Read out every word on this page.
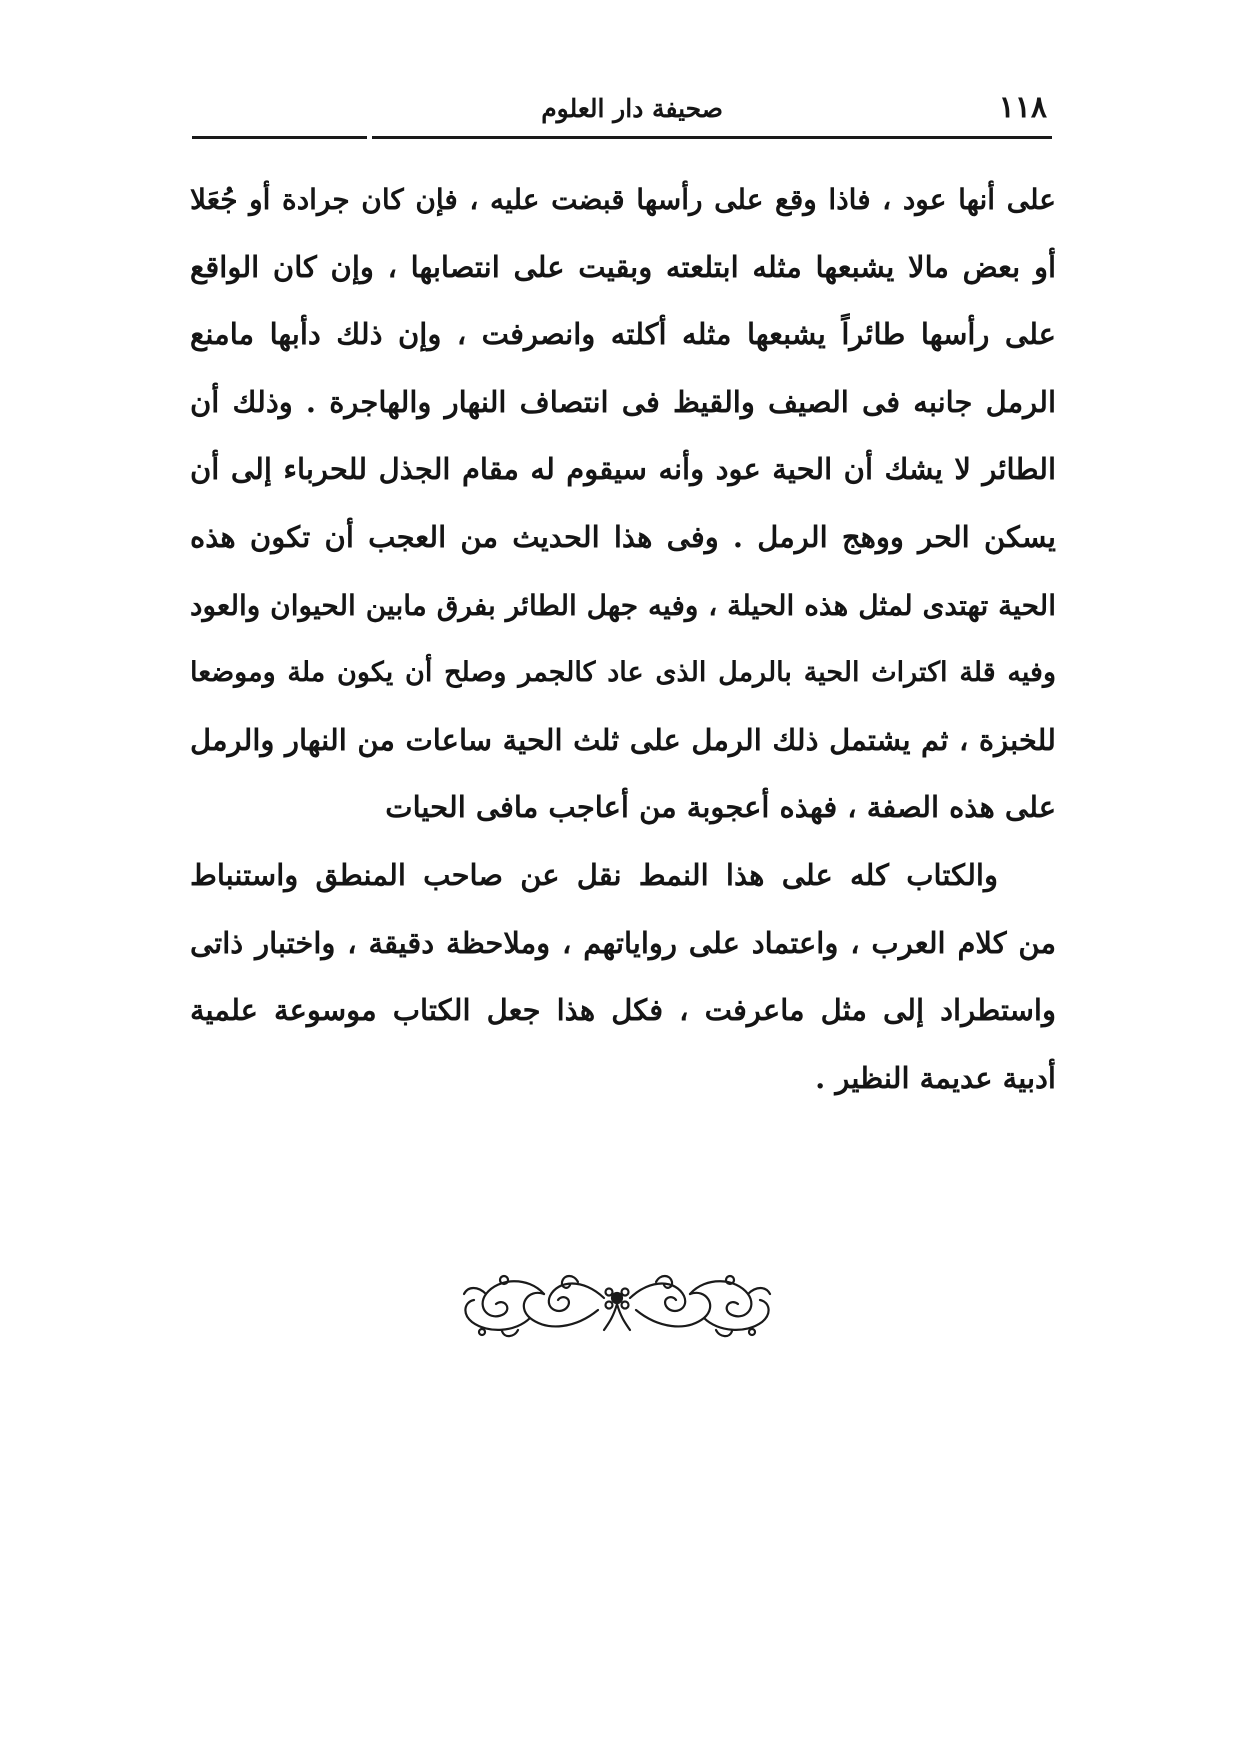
١١٨
صحيفة دار العلوم
على أنها عود ، فاذا وقع على رأسها قبضت عليه ، فإن كان جرادة أو جُعَلا
أو بعض مالا يشبعها مثله ابتلعته وبقيت على انتصابها ، وإن كان الواقع
على رأسها طائراً يشبعها مثله أكلته وانصرفت ، وإن ذلك دأبها مامنع
الرمل جانبه فى الصيف والقيظ فى انتصاف النهار والهاجرة . وذلك أن
الطائر لا يشك أن الحية عود وأنه سيقوم له مقام الجذل للحرباء إلى أن
يسكن الحر ووهج الرمل . وفى هذا الحديث من العجب أن تكون هذه
الحية تهتدى لمثل هذه الحيلة ، وفيه جهل الطائر بفرق مابين الحيوان والعود
وفيه قلة اكتراث الحية بالرمل الذى عاد كالجمر وصلح أن يكون ملة وموضعا
للخبزة ، ثم يشتمل ذلك الرمل على ثلث الحية ساعات من النهار والرمل
على هذه الصفة ، فهذه أعجوبة من أعاجب مافى الحيات
والكتاب كله على هذا النمط نقل عن صاحب المنطق واستنباط
من كلام العرب ، واعتماد على رواياتهم ، وملاحظة دقيقة ، واختبار ذاتى
واستطراد إلى مثل ماعرفت ، فكل هذا جعل الكتاب موسوعة علمية
أدبية عديمة النظير .
